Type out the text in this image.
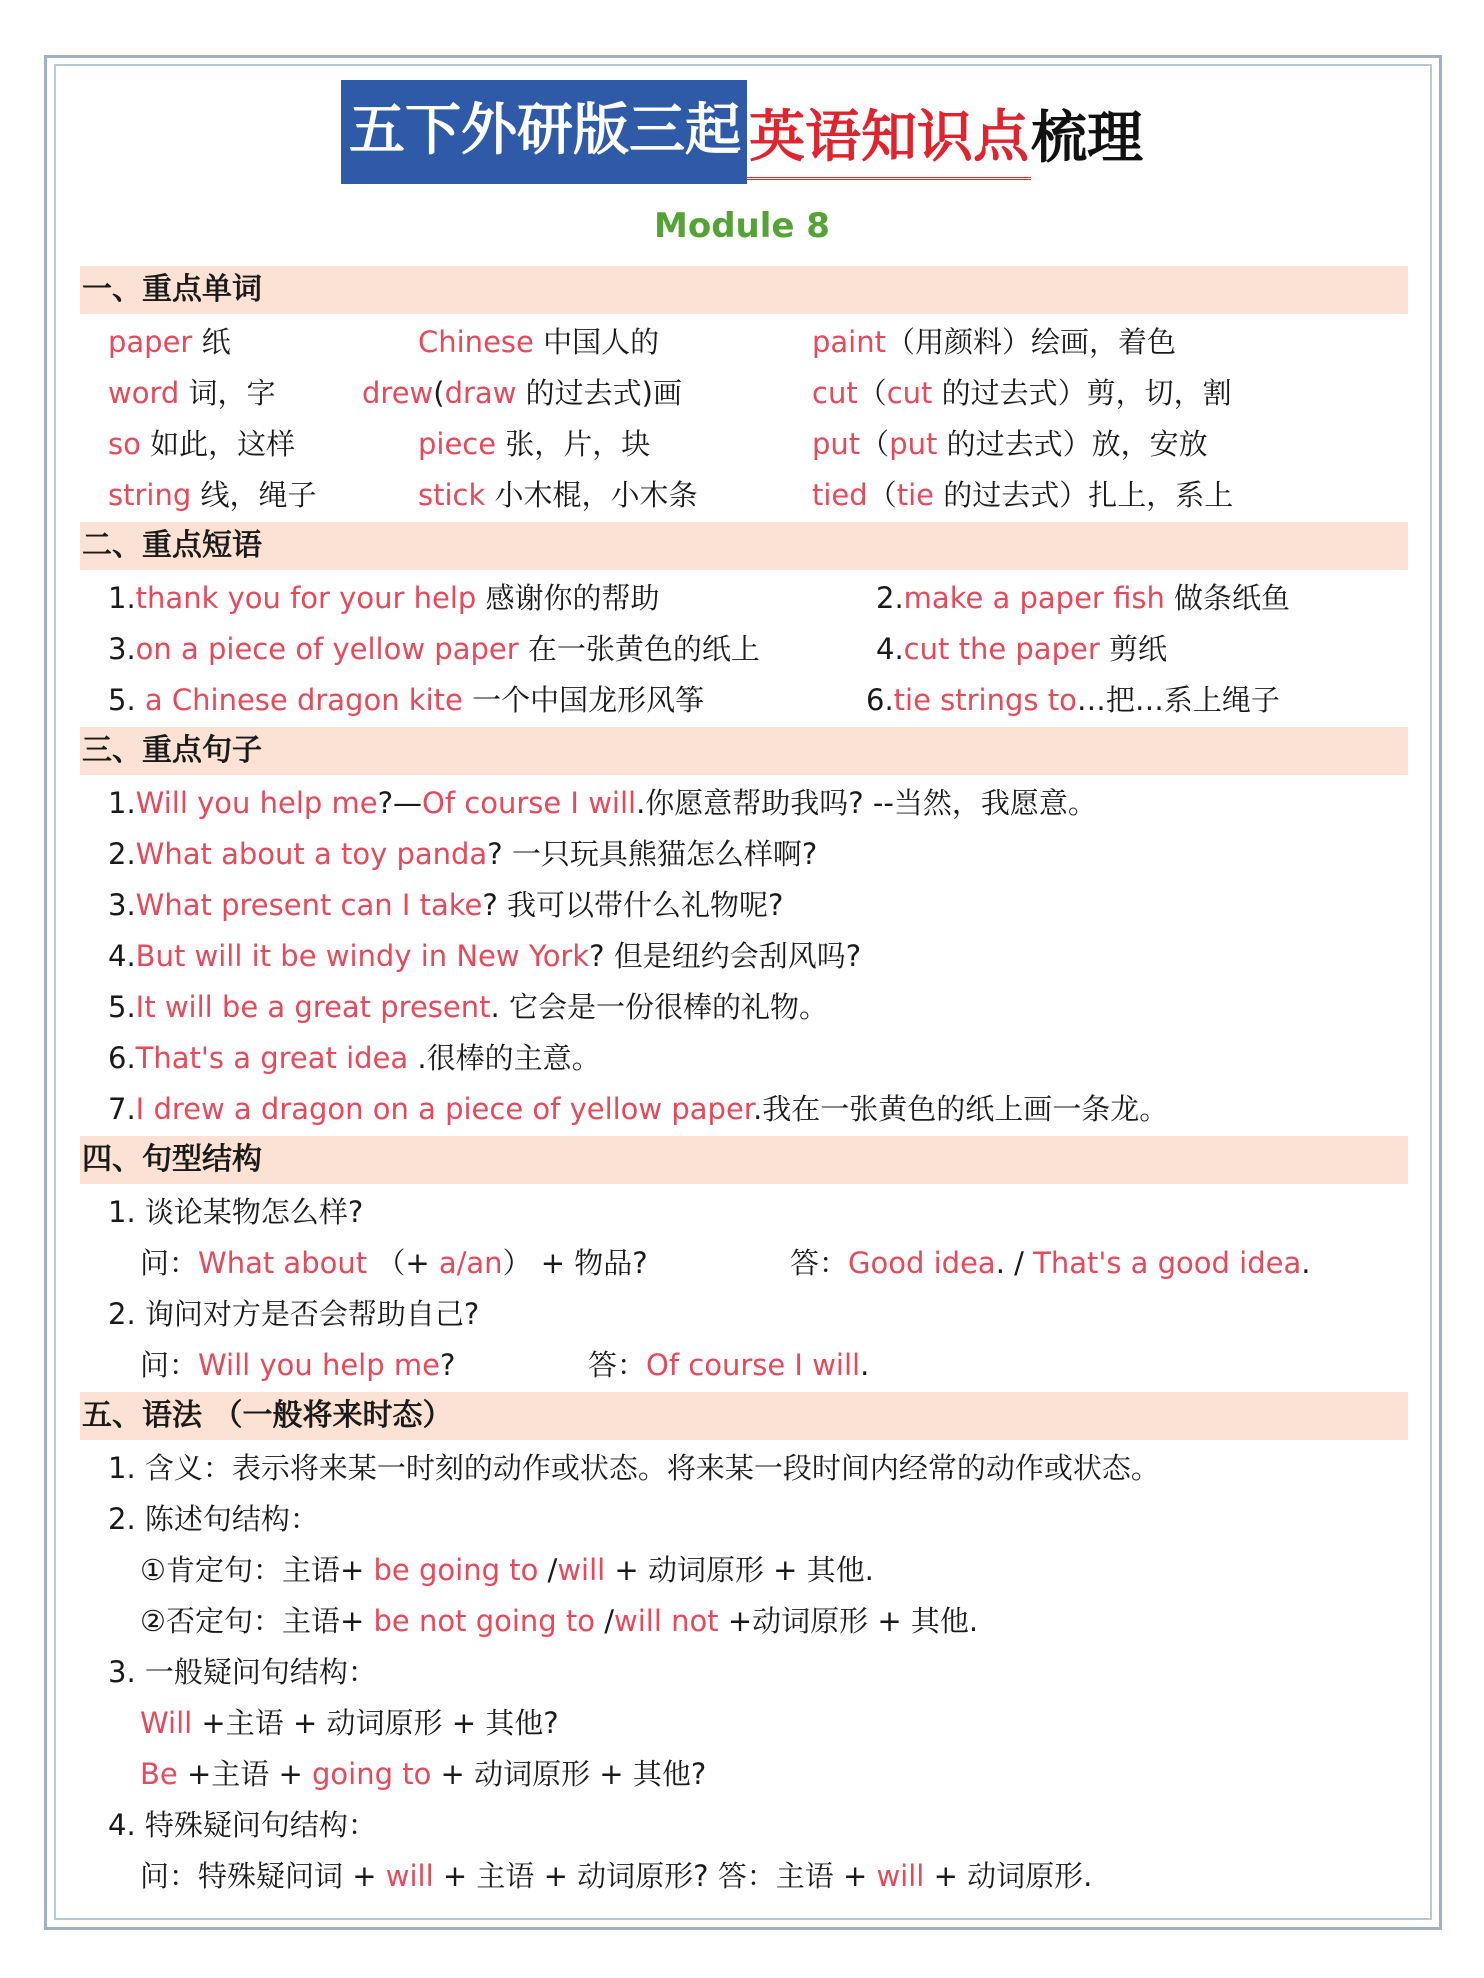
五下外研版三起 英语知识点 梳理
Module 8
一、重点单词
paper 纸	Chinese 中国人的	paint（用颜料）绘画，着色
word 词，字	drew(draw 的过去式)画	cut（cut 的过去式）剪，切，割
so 如此，这样	piece 张，片，块	put（put 的过去式）放，安放
string 线，绳子	stick 小木棍，小木条	tied（tie 的过去式）扎上，系上
二、重点短语
1.thank you for your help 感谢你的帮助	2.make a paper fish 做条纸鱼
3.on a piece of yellow paper 在一张黄色的纸上	4.cut the paper 剪纸
5. a Chinese dragon kite 一个中国龙形风筝	6.tie strings to…把…系上绳子
三、重点句子
1.Will you help me?—Of course I will.你愿意帮助我吗? --当然，我愿意。
2.What about a toy panda? 一只玩具熊猫怎么样啊?
3.What present can I take? 我可以带什么礼物呢?
4.But will it be windy in New York? 但是纽约会刮风吗?
5.It will be a great present. 它会是一份很棒的礼物。
6.That's a great idea .很棒的主意。
7.I drew a dragon on a piece of yellow paper.我在一张黄色的纸上画一条龙。
四、句型结构
1. 谈论某物怎么样?
问：What about （+ a/an） + 物品?	答：Good idea. / That's a good idea.
2. 询问对方是否会帮助自己?
问：Will you help me?	答：Of course I will.
五、语法 （一般将来时态）
1. 含义：表示将来某一时刻的动作或状态。将来某一段时间内经常的动作或状态。
2. 陈述句结构：
①肯定句：主语+ be going to /will + 动词原形 + 其他.
②否定句：主语+ be not going to /will not +动词原形 + 其他.
3. 一般疑问句结构：
Will +主语 + 动词原形 + 其他?
Be +主语 + going to + 动词原形 + 其他?
4. 特殊疑问句结构：
问：特殊疑问词 + will + 主语 + 动词原形? 答：主语 + will + 动词原形.
